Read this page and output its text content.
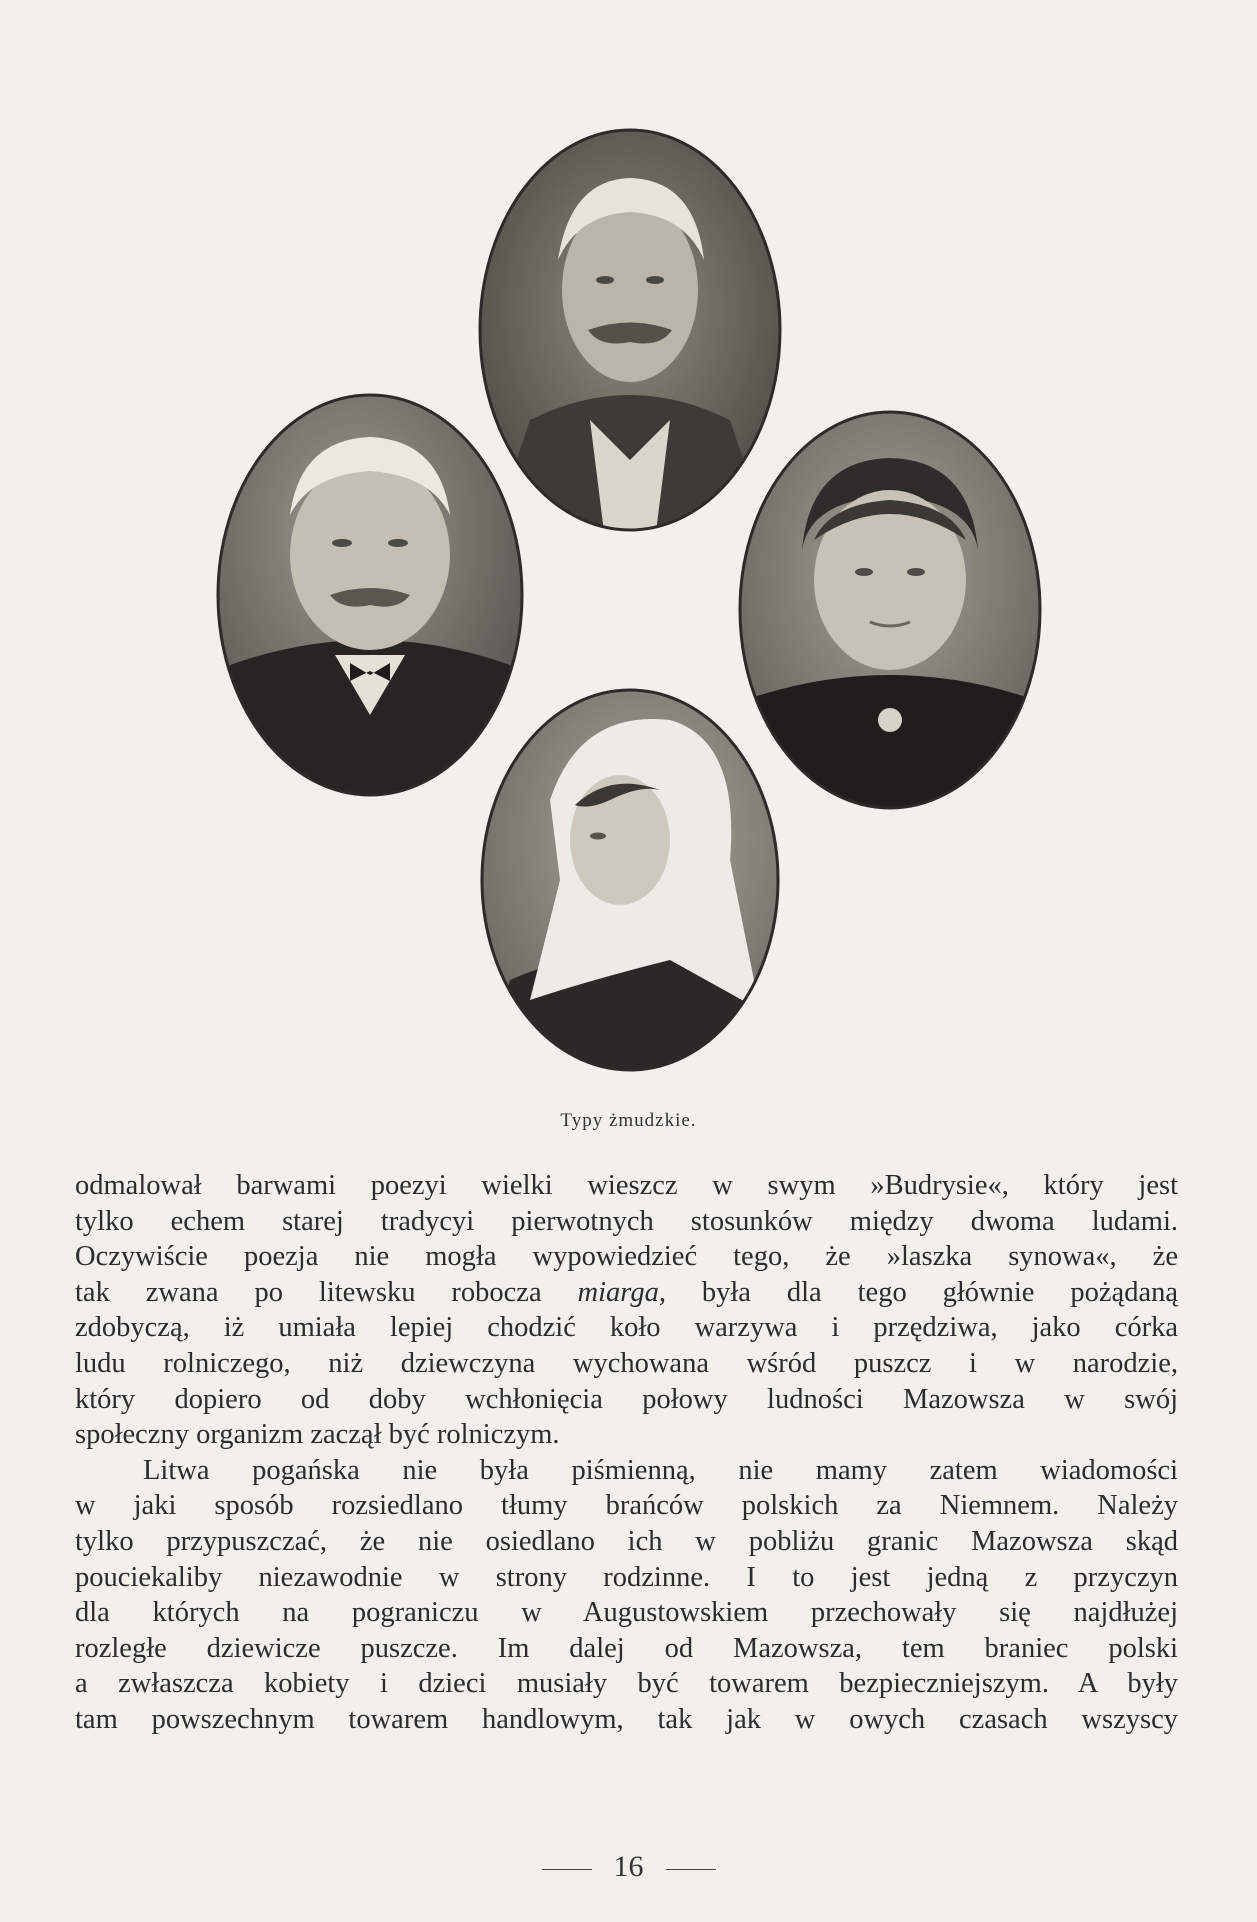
Typy żmudzkie.
odmalował barwami poezyi wielki wieszcz w swym »Budrysie«, który jest
tylko echem starej tradycyi pierwotnych stosunków między dwoma ludami.
Oczywiście poezja nie mogła wypowiedzieć tego, że »laszka synowa«, że
tak zwana po litewsku robocza miarga, była dla tego głównie pożądaną
zdobyczą, iż umiała lepiej chodzić koło warzywa i przędziwa, jako córka
ludu rolniczego, niż dziewczyna wychowana wśród puszcz i w narodzie,
który dopiero od doby wchłonięcia połowy ludności Mazowsza w swój
społeczny organizm zaczął być rolniczym.
Litwa pogańska nie była piśmienną, nie mamy zatem wiadomości
w jaki sposób rozsiedlano tłumy brańców polskich za Niemnem. Należy
tylko przypuszczać, że nie osiedlano ich w pobliżu granic Mazowsza skąd
pouciekaliby niezawodnie w strony rodzinne. I to jest jedną z przyczyn
dla których na pograniczu w Augustowskiem przechowały się najdłużej
rozległe dziewicze puszcze. Im dalej od Mazowsza, tem braniec polski
a zwłaszcza kobiety i dzieci musiały być towarem bezpieczniejszym. A były
tam powszechnym towarem handlowym, tak jak w owych czasach wszyscy
16
